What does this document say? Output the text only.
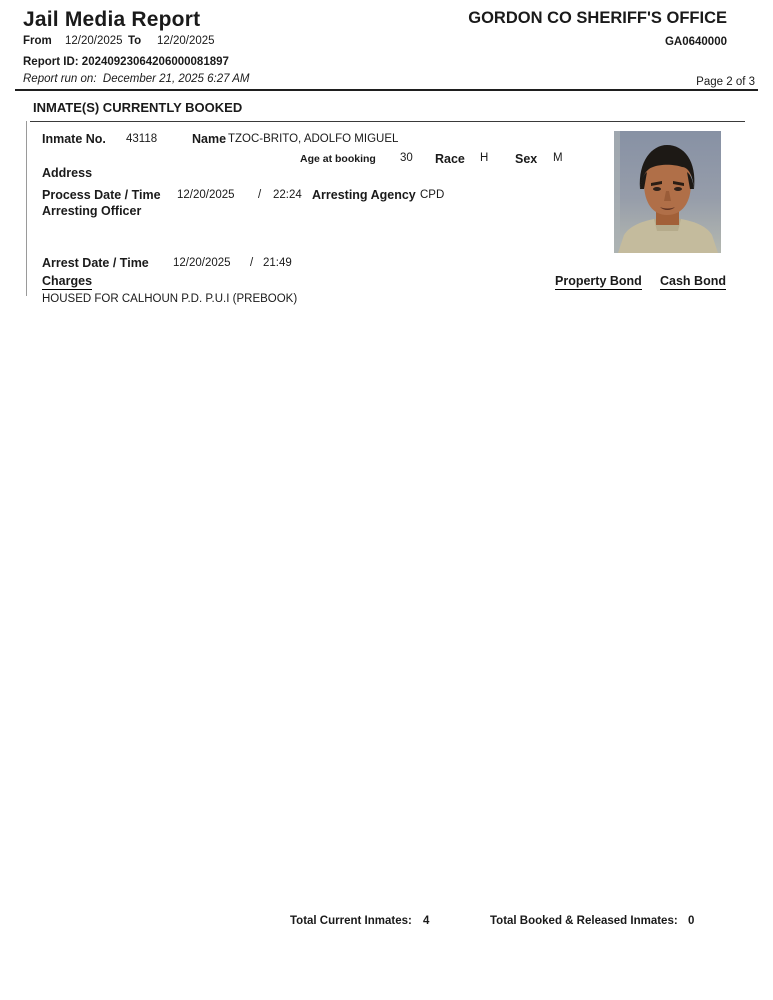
Jail Media Report
From 12/20/2025 To 12/20/2025
Report ID: 20240923064206000081897
Report run on: December 21, 2025 6:27 AM
GORDON CO SHERIFF'S OFFICE
GA0640000
Page 2 of 3
INMATE(S) CURRENTLY BOOKED
Inmate No. 43118	Name TZOC-BRITO, ADOLFO MIGUEL
Age at booking 30 Race H Sex M
Address
Process Date / Time 12/20/2025 / 22:24 Arresting Agency CPD
Arresting Officer
Arrest Date / Time 12/20/2025 / 21:49
Charges	Property Bond Cash Bond
HOUSED FOR CALHOUN P.D. P.U.I (PREBOOK)
Total Current Inmates: 4	Total Booked & Released Inmates: 0
